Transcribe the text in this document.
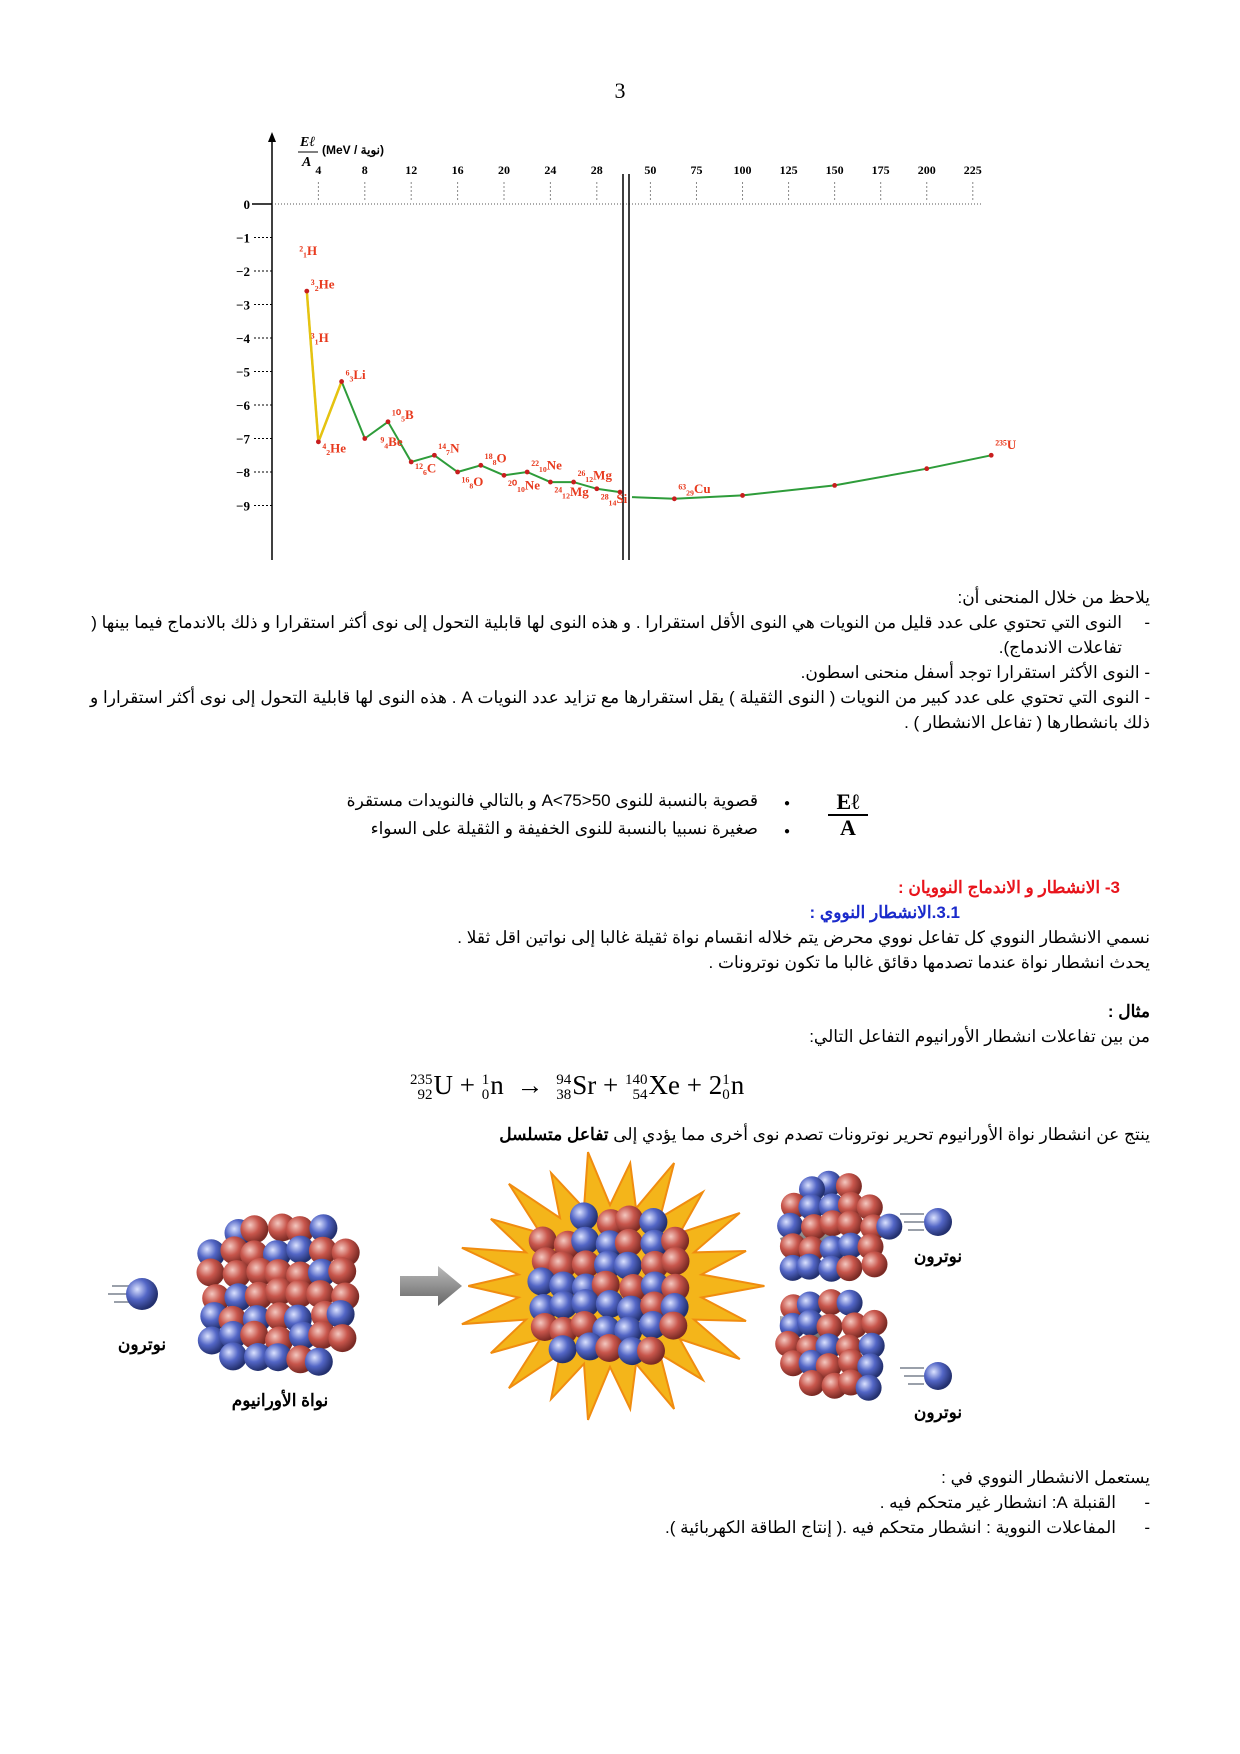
3
Eℓ
A
(MeV / نوية)
4	8	12	16	20	24	28	50	75	100 125 150 175 200 225
0
−1
−2
−3
−4
−5
−6
−7
−8
−9
²₁H
³₂He
³₁H
⁶₃Li
⁴₂He	⁹₄Be
¹⁰₅B
¹²₆C
¹⁴₇N
¹⁶₈O
¹⁸₈O
²⁰₁₀Ne
²²₁₀Ne
²⁴₁₂Mg
²⁶₁₂Mg
²⁸₁₄Si
⁶³₂₉Cu
²³⁵U
يلاحظ من خلال المنحنى أن:
-
النوى التي تحتوي على عدد قليل من النويات هي النوى الأقل استقرارا . و هذه النوى لها قابلية التحول إلى نوى أكثر استقرارا و ذلك بالاندماج فيما بينها ( تفاعلات الاندماج).
- النوى الأكثر استقرارا توجد أسفل منحنى اسطون.
- النوى التي تحتوي على عدد كبير من النويات ( النوى الثقيلة ) يقل استقرارها مع تزايد عدد النويات A . هذه النوى لها قابلية التحول إلى نوى أكثر استقرارا و ذلك بانشطارها ( تفاعل الانشطار ) .
Eℓ
A
●قصوية بالنسبة للنوى 50<A<75 و بالتالي فالنويدات مستقرة
●صغيرة نسبيا بالنسبة للنوى الخفيفة و الثقيلة على السواء
3- الانشطار و الاندماج النوويان :
3.1.الانشطار النووي :
نسمي الانشطار النووي كل تفاعل نووي محرض يتم خلاله انقسام نواة ثقيلة غالبا إلى نواتين اقل ثقلا .
يحدث انشطار نواة عندما تصدمها دقائق غالبا ما تكون نوترونات .
مثال :
من بين تفاعلات انشطار الأورانيوم التفاعل التالي:
235
92 U + 1
0 n → 94
38 Sr + 140
54 Xe + 2 1
0 n
ينتج عن انشطار نواة الأورانيوم تحرير نوترونات تصدم نوى أخرى مما يؤدي إلى تفاعل متسلسل
نوترون
نواة الأورانيوم
نوترون
نوترون
يستعمل الانشطار النووي في :
-
القنبلة A: انشطار غير متحكم فيه .
-
المفاعلات النووية : انشطار متحكم فيه .( إنتاج الطاقة الكهربائية ).
